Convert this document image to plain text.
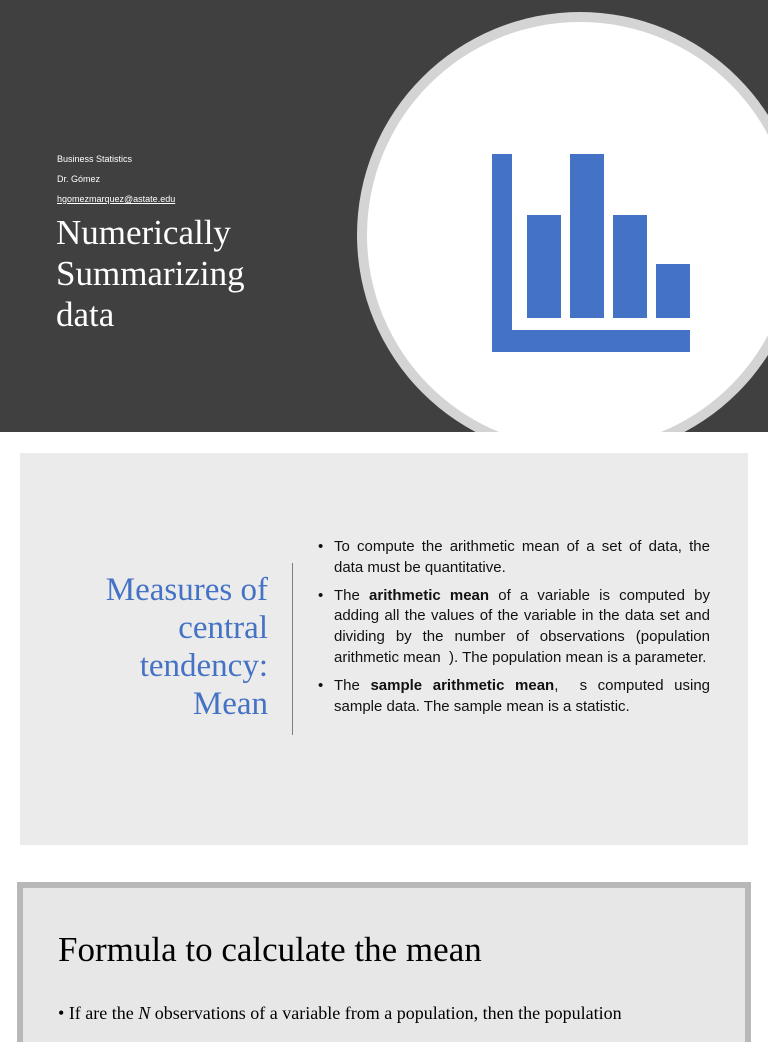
Business Statistics
Dr. Gómez
hgomezmarquez@astate.edu
Numerically
Summarizing
data
Measures of
central
tendency:
Mean
• To compute the arithmetic mean of a set of data, the data must be quantitative.
• The arithmetic mean of a variable is computed by adding all the values of the variable in the data set and dividing by the number of observations (population arithmetic mean  ). The population mean is a parameter.
• The sample arithmetic mean,  s computed using sample data. The sample mean is a statistic.
Formula to calculate the mean
• If are the N observations of a variable from a population, then the population
